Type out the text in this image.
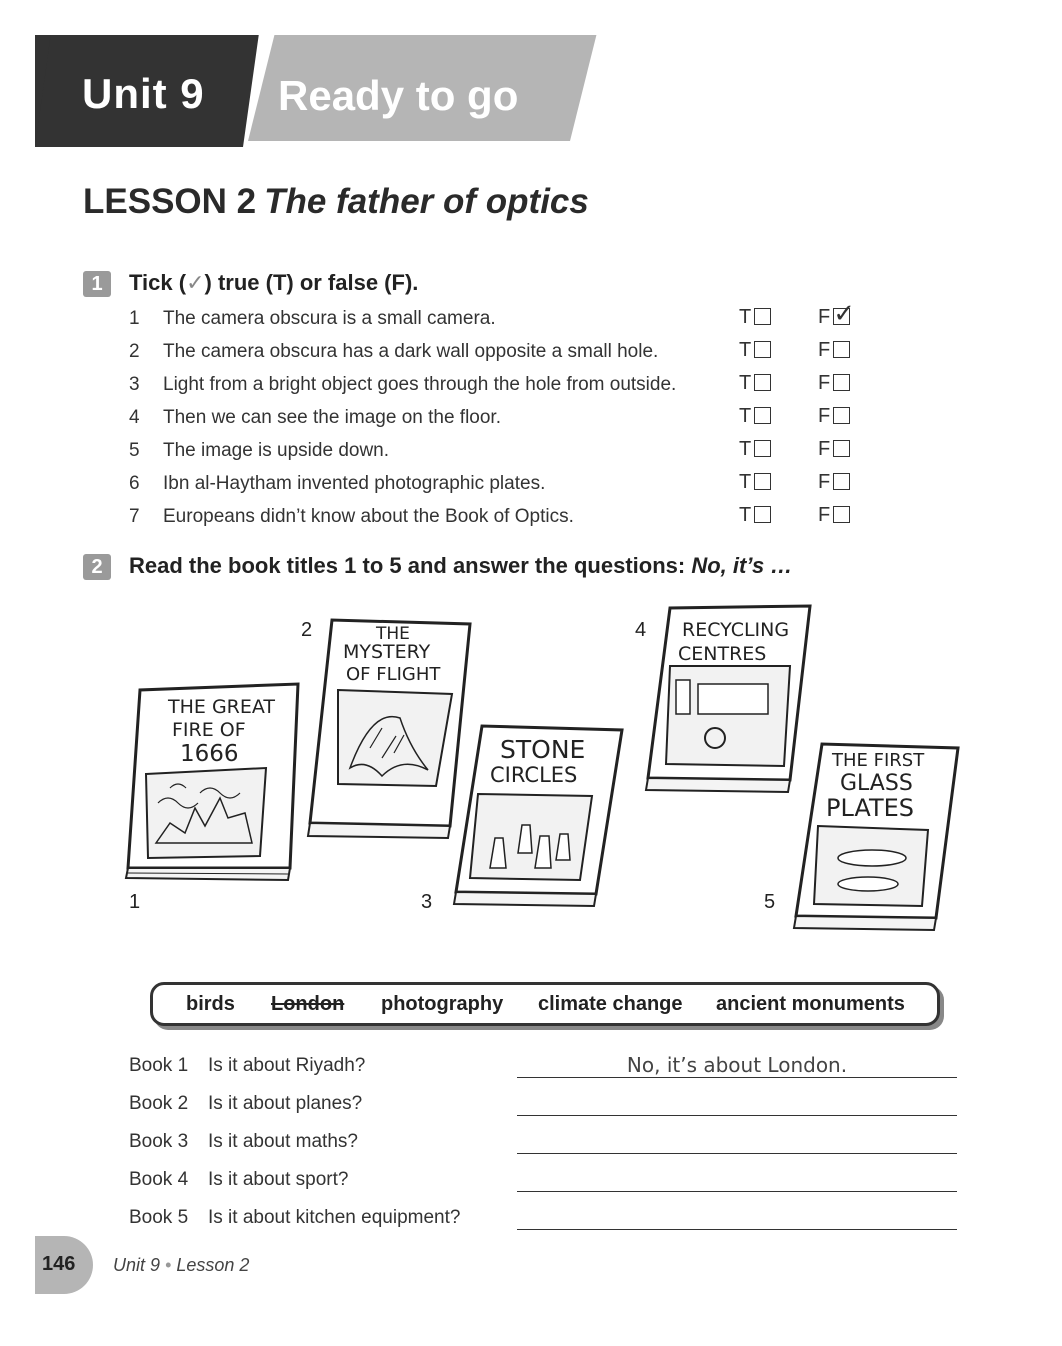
Unit 9 Ready to go
LESSON 2 The father of optics
1	Tick (✓) true (T) or false (F).
1 The camera obscura is a small camera.	T	F ✓
2 The camera obscura has a dark wall opposite a small hole.	T	F
3 Light from a bright object goes through the hole from outside.	T	F
4 Then we can see the image on the floor.	T	F
5 The image is upside down.	T	F
6 Ibn al-Haytham invented photographic plates.	T	F
7 Europeans didn’t know about the Book of Optics.	T	F
2	Read the book titles 1 to 5 and answer the questions: No, it’s …
THE GREAT
FIRE OF
1666
THE
MYSTERY
OF FLIGHT
STONE
CIRCLES
RECYCLING
CENTRES
THE FIRST
GLASS
PLATES
1
2
3
4
5
birds London photography climate change ancient monuments
Book 1 Is it about Riyadh?	No, it’s about London.
Book 2 Is it about planes?
Book 3 Is it about maths?
Book 4 Is it about sport?
Book 5 Is it about kitchen equipment?
146 Unit 9 • Lesson 2
